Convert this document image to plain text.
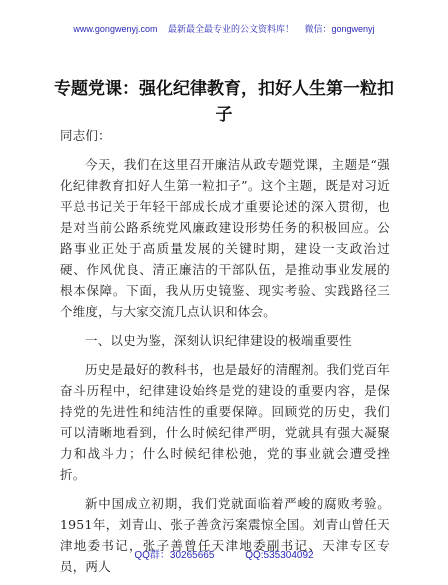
www.gongwenyj.com 最新最全最专业的公文资料库！ 微信：gongwenyj
专题党课：强化纪律教育，扣好人生第一粒扣子

同志们：

今天，我们在这里召开廉洁从政专题党课，主题是“强化纪律教育扣好人生第一粒扣子”。这个主题，既是对习近平总书记关于年轻干部成长成才重要论述的深入贯彻，也是对当前公路系统党风廉政建设形势任务的积极回应。公路事业正处于高质量发展的关键时期，建设一支政治过硬、作风优良、清正廉洁的干部队伍，是推动事业发展的根本保障。下面，我从历史镜鉴、现实考验、实践路径三个维度，与大家交流几点认识和体会。

一、以史为鉴，深刻认识纪律建设的极端重要性

历史是最好的教科书，也是最好的清醒剂。我们党百年奋斗历程中，纪律建设始终是党的建设的重要内容，是保持党的先进性和纯洁性的重要保障。回顾党的历史，我们可以清晰地看到，什么时候纪律严明，党就具有强大凝聚力和战斗力；什么时候纪律松弛，党的事业就会遭受挫折。

新中国成立初期，我们党就面临着严峻的腐败考验。1951年，刘青山、张子善贪污案震惊全国。刘青山曾任天津地委书记，张子善曾任天津地委副书记、天津专区专员，两人

QQ群：30265665	QQ:535304092
